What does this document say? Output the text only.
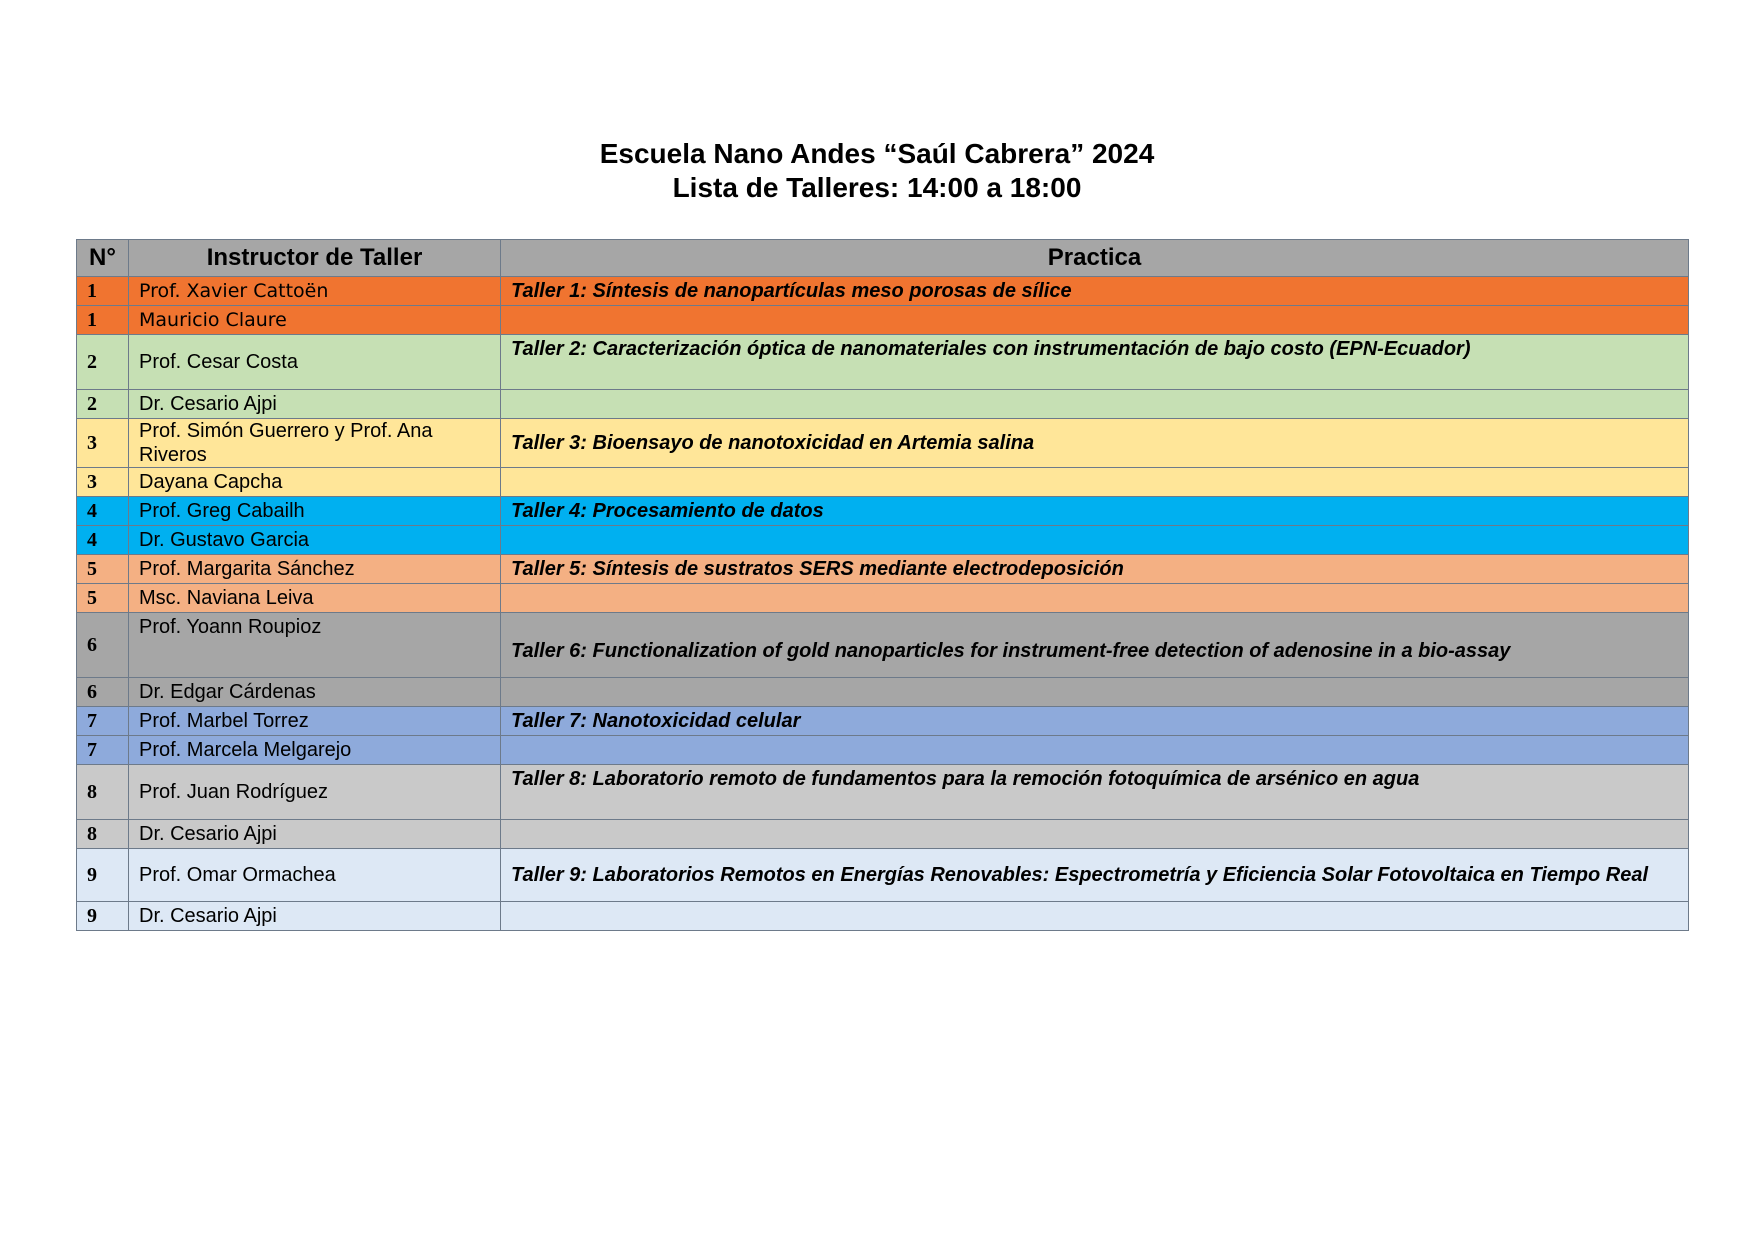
Escuela Nano Andes “Saúl Cabrera” 2024
Lista de Talleres: 14:00 a 18:00
N°	Instructor de Taller	Practica
1	Prof. Xavier Cattoën	Taller 1: Síntesis de nanopartículas meso porosas de sílice
1	Mauricio Claure	
2	Prof. Cesar Costa	Taller 2: Caracterización óptica de nanomateriales con instrumentación de bajo costo (EPN-Ecuador)
2	Dr. Cesario Ajpi	
3	Prof. Simón Guerrero y Prof. Ana Riveros	Taller 3: Bioensayo de nanotoxicidad en Artemia salina
3	Dayana Capcha	
4	Prof. Greg Cabailh	Taller 4: Procesamiento de datos
4	Dr. Gustavo Garcia	
5	Prof. Margarita Sánchez	Taller 5: Síntesis de sustratos SERS mediante electrodeposición
5	Msc. Naviana Leiva	
6	Prof. Yoann Roupioz	Taller 6: Functionalization of gold nanoparticles for instrument-free detection of adenosine in a bio-assay
6	Dr. Edgar Cárdenas	
7	Prof. Marbel Torrez	Taller 7: Nanotoxicidad celular
7	Prof. Marcela Melgarejo	
8	Prof. Juan Rodríguez	Taller 8: Laboratorio remoto de fundamentos para la remoción fotoquímica de arsénico en agua
8	Dr. Cesario Ajpi	
9	Prof. Omar Ormachea	Taller 9: Laboratorios Remotos en Energías Renovables: Espectrometría y Eficiencia Solar Fotovoltaica en Tiempo Real
9	Dr. Cesario Ajpi	
